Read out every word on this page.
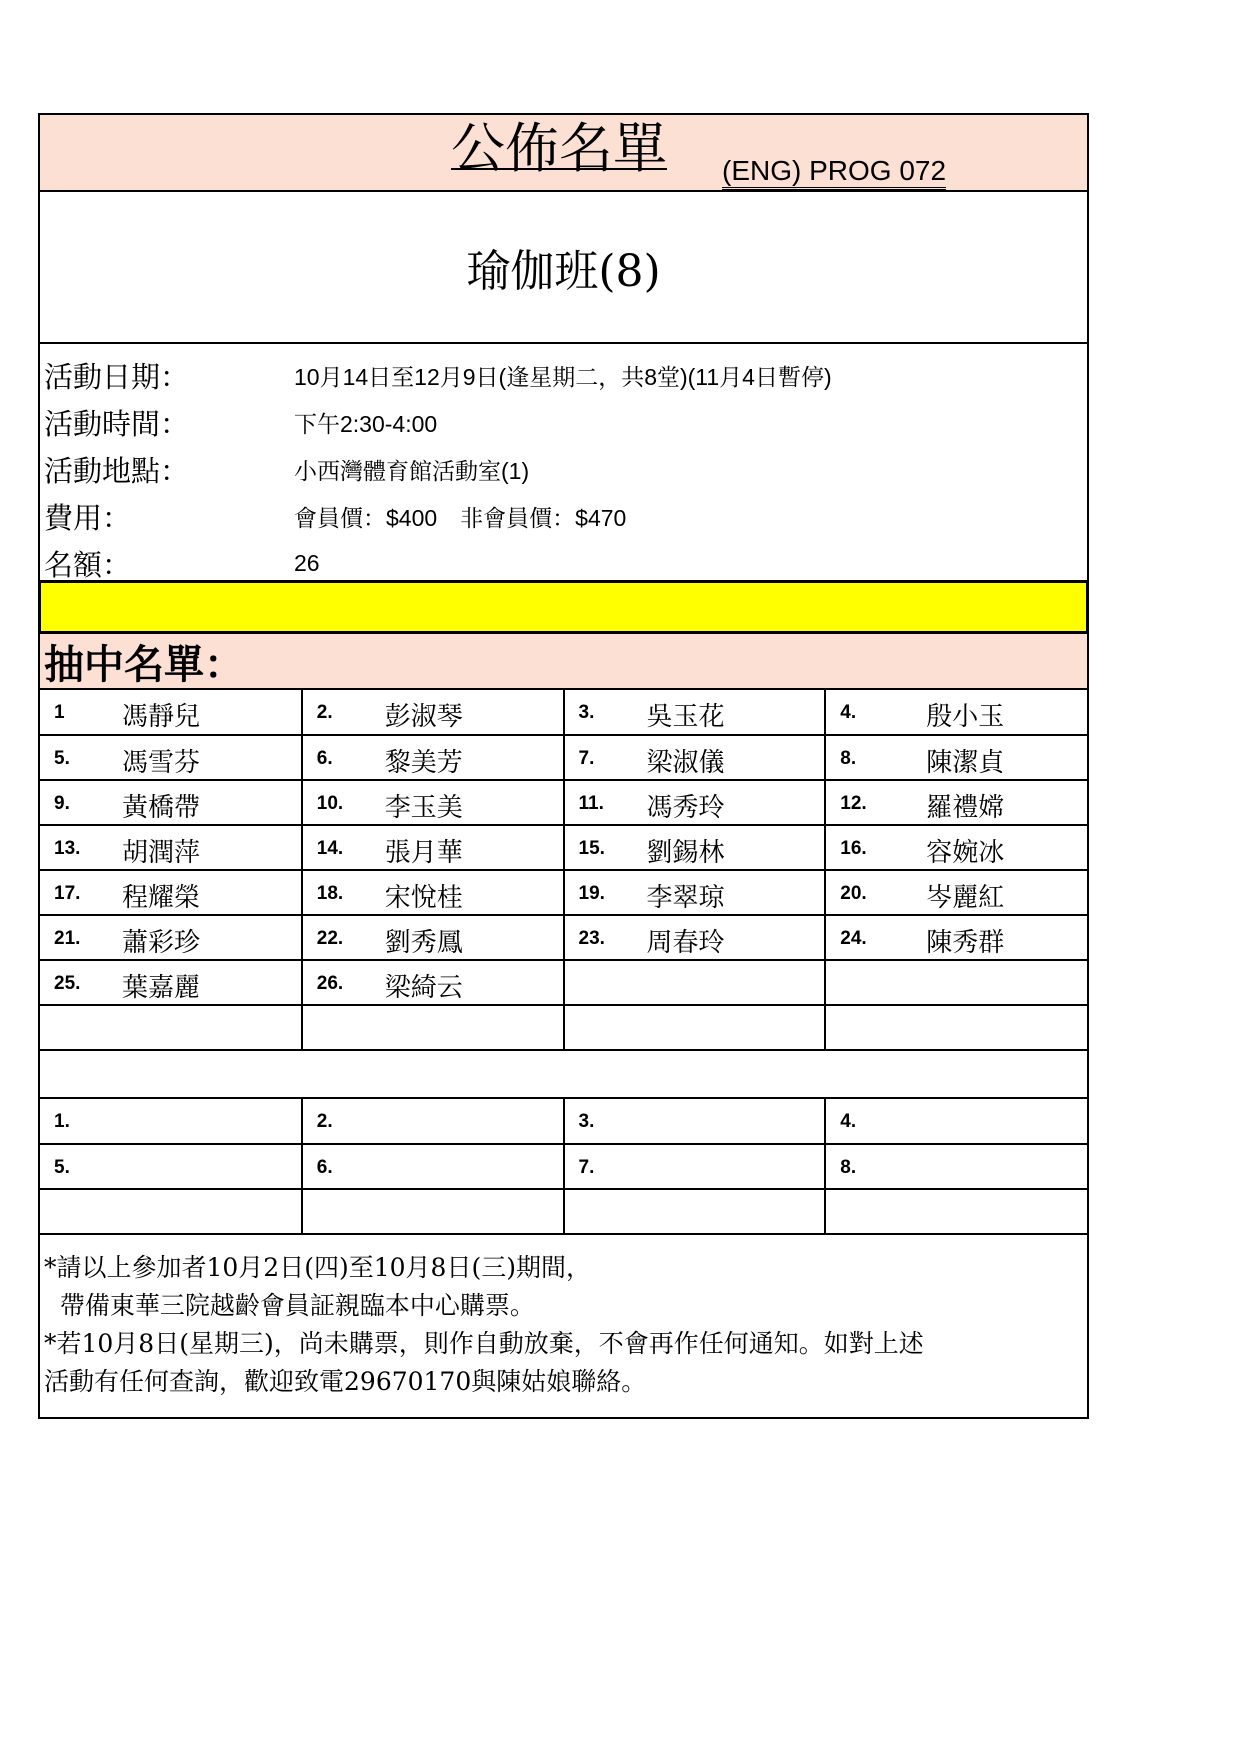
公佈名單 (ENG) PROG 072
瑜伽班(8)
活動日期：	10月14日至12月9日(逢星期二，共8堂)(11月4日暫停)
活動時間：	下午2:30-4:00
活動地點：	小西灣體育館活動室(1)
費用：	會員價：$400　非會員價：$470
名額：	26
抽中名單：
1 馮靜兒	2. 彭淑琴	3. 吳玉花	4. 殷小玉

5. 馮雪芬	6. 黎美芳	7. 梁淑儀	8. 陳潔貞

9. 黃橋帶	10. 李玉美	11. 馮秀玲	12. 羅禮嫦

13. 胡潤萍	14. 張月華	15. 劉錫林	16. 容婉冰

17. 程耀榮	18. 宋悅桂	19. 李翠琼	20. 岑麗紅

21. 蕭彩珍	22. 劉秀鳳	23. 周春玲	24. 陳秀群

25. 葉嘉麗	26. 梁綺云		

1.	2.	3.	4.

5.	6.	7.	8.

*請以上參加者10月2日(四)至10月8日(三)期間，
帶備東華三院越齡會員証親臨本中心購票。
*若10月8日(星期三)，尚未購票，則作自動放棄，不會再作任何通知。如對上述
活動有任何查詢，歡迎致電29670170與陳姑娘聯絡。
